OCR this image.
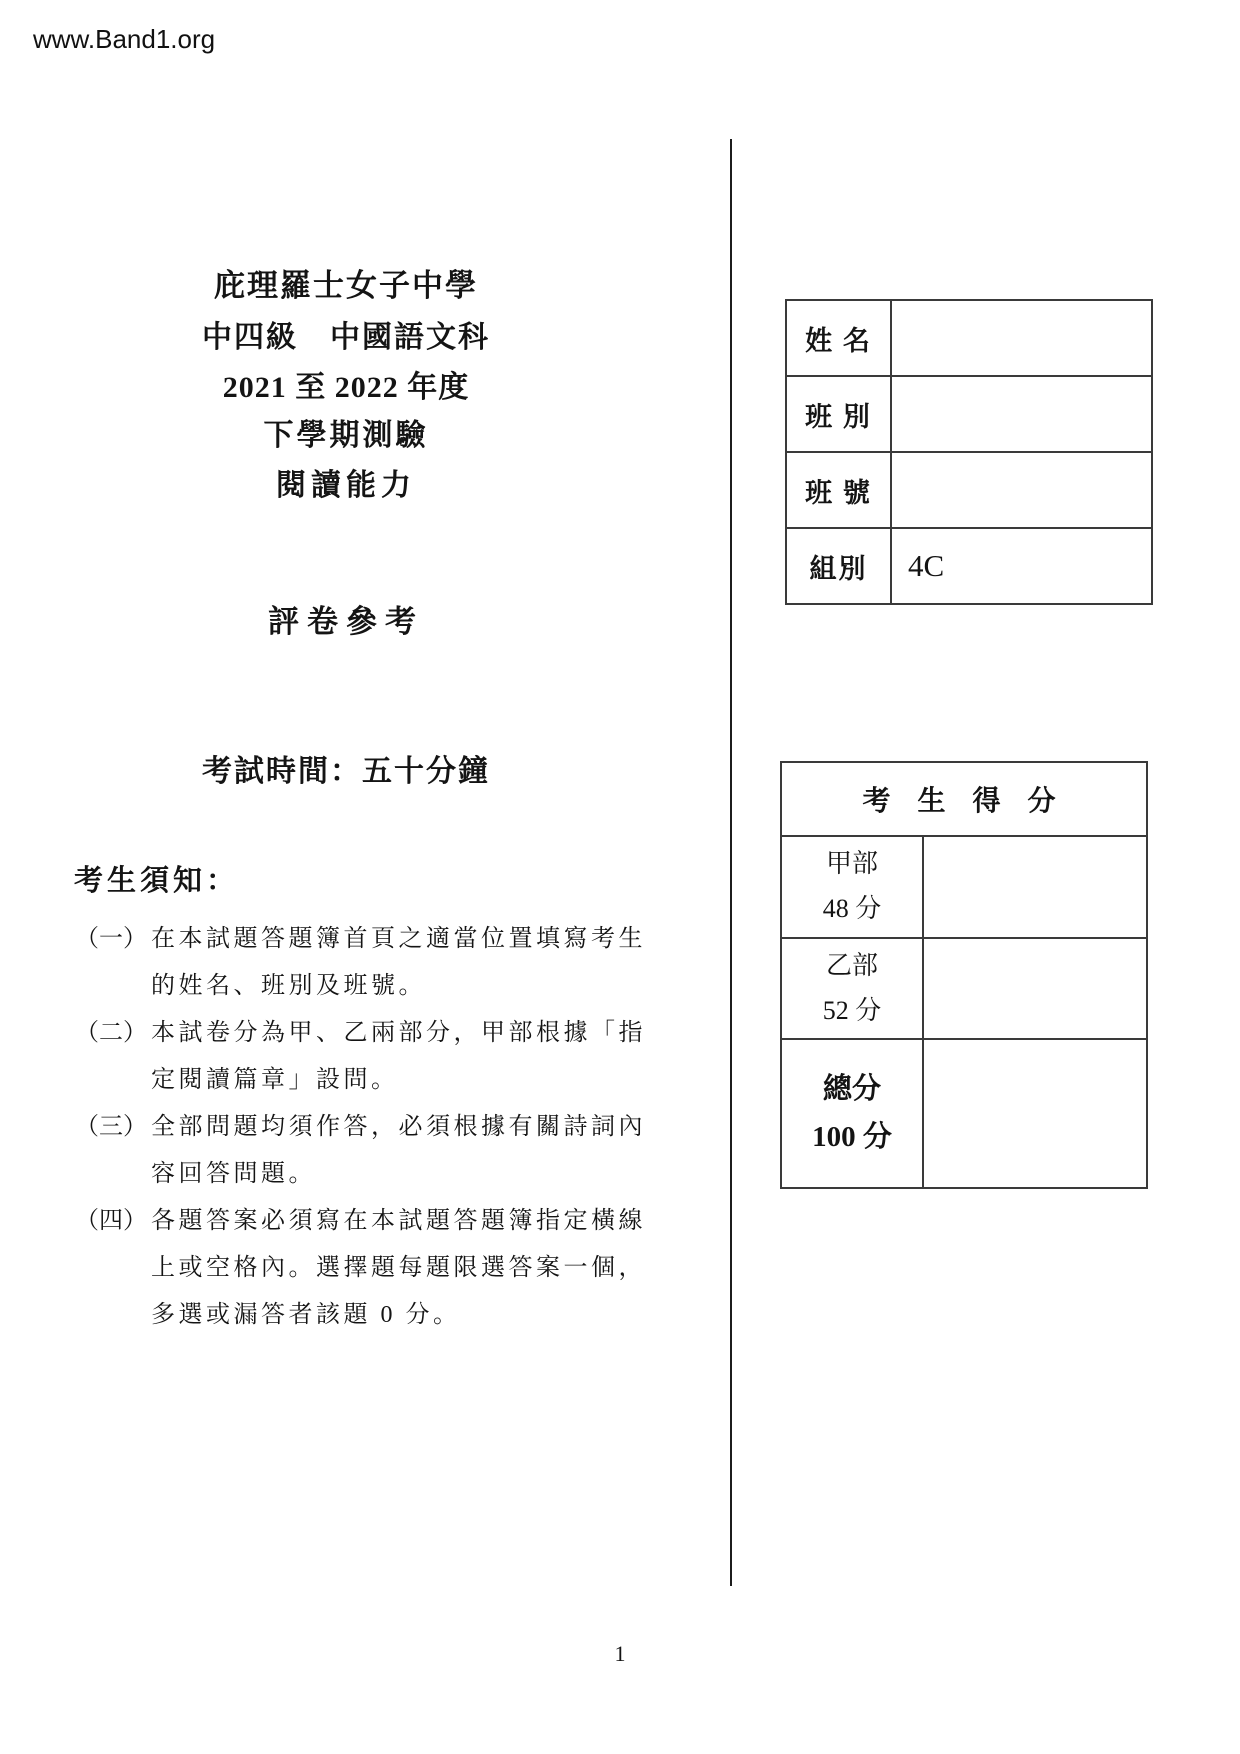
www.Band1.org
庇理羅士女子中學
中四級　中國語文科
2021 至 2022 年度
下學期測驗
閱讀能力
評卷參考
考試時間：五十分鐘
考生須知：
（一） 在本試題答題簿首頁之適當位置填寫考生
的姓名、班別及班號。
（二） 本試卷分為甲、乙兩部分，甲部根據「指
定閱讀篇章」設問。
（三） 全部問題均須作答，必須根據有關詩詞內
容回答問題。
（四） 各題答案必須寫在本試題答題簿指定橫線
上或空格內。選擇題每題限選答案一個，
多選或漏答者該題 0 分。
姓 名
班 別
班 號
組別	4C
考 生 得 分
甲部
48 分
乙部
52 分
總分
100 分
1
